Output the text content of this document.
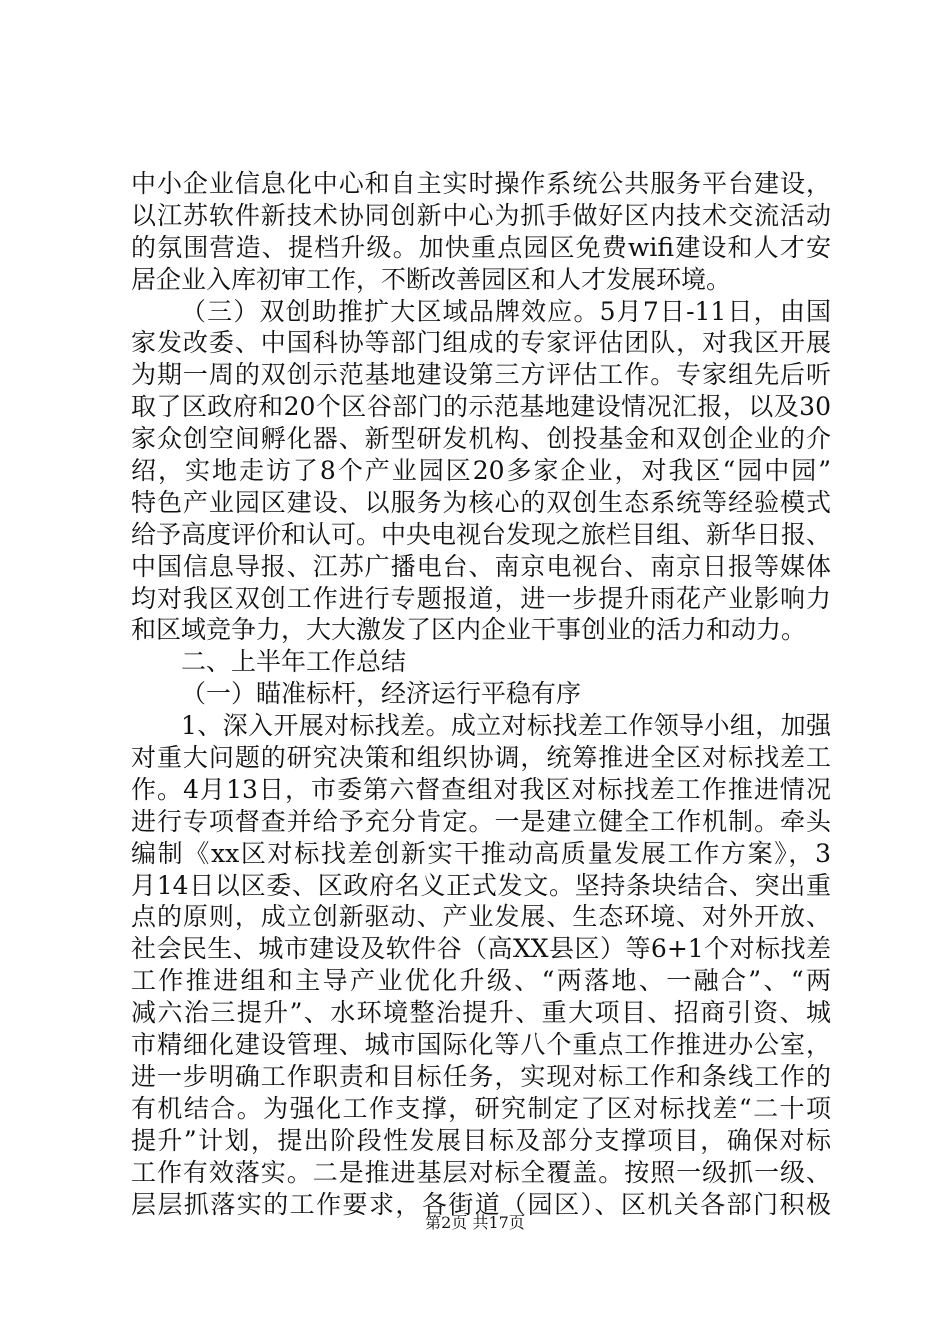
中小企业信息化中心和自主实时操作系统公共服务平台建设，
以江苏软件新技术协同创新中心为抓手做好区内技术交流活动
的氛围营造、提档升级。加快重点园区免费wifi建设和人才安
居企业入库初审工作，不断改善园区和人才发展环境。
（三）双创助推扩大区域品牌效应。5月7日-11日，由国
家发改委、中国科协等部门组成的专家评估团队，对我区开展
为期一周的双创示范基地建设第三方评估工作。专家组先后听
取了区政府和20个区谷部门的示范基地建设情况汇报，以及30
家众创空间孵化器、新型研发机构、创投基金和双创企业的介
绍，实地走访了8个产业园区20多家企业，对我区“园中园”
特色产业园区建设、以服务为核心的双创生态系统等经验模式
给予高度评价和认可。中央电视台发现之旅栏目组、新华日报、
中国信息导报、江苏广播电台、南京电视台、南京日报等媒体
均对我区双创工作进行专题报道，进一步提升雨花产业影响力
和区域竞争力，大大激发了区内企业干事创业的活力和动力。
二、上半年工作总结
（一）瞄准标杆，经济运行平稳有序
1、深入开展对标找差。成立对标找差工作领导小组，加强
对重大问题的研究决策和组织协调，统筹推进全区对标找差工
作。4月13日，市委第六督查组对我区对标找差工作推进情况
进行专项督查并给予充分肯定。一是建立健全工作机制。牵头
编制《xx区对标找差创新实干推动高质量发展工作方案》，3
月14日以区委、区政府名义正式发文。坚持条块结合、突出重
点的原则，成立创新驱动、产业发展、生态环境、对外开放、
社会民生、城市建设及软件谷（高XX县区）等6+1个对标找差
工作推进组和主导产业优化升级、“两落地、一融合”、“两
减六治三提升”、水环境整治提升、重大项目、招商引资、城
市精细化建设管理、城市国际化等八个重点工作推进办公室，
进一步明确工作职责和目标任务，实现对标工作和条线工作的
有机结合。为强化工作支撑，研究制定了区对标找差“二十项
提升”计划，提出阶段性发展目标及部分支撑项目，确保对标
工作有效落实。二是推进基层对标全覆盖。按照一级抓一级、
层层抓落实的工作要求，各街道（园区）、区机关各部门积极
第2页 共17页
